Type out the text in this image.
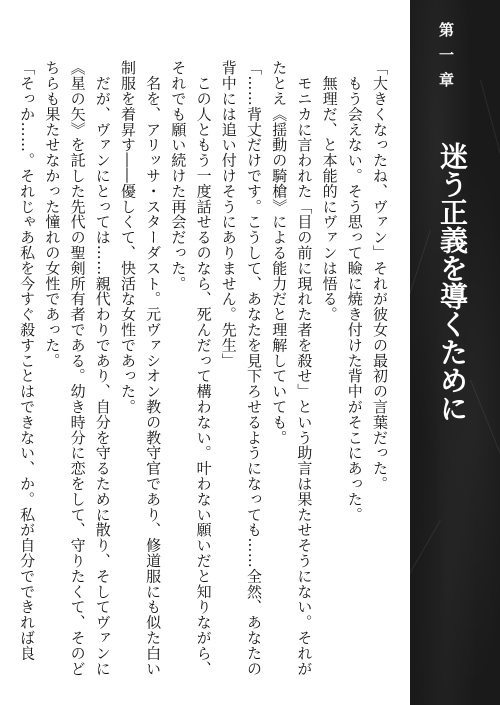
「大きくなったね、ヴァン」それが彼女の最初の言葉だった。

　もう会えない。そう思って瞼に焼き付けた背中がそこにあった。

　無理だ、と本能的にヴァンは悟る。

　モニカに言われた「目の前に現れた者を殺せ」という助言は果たせそうにない。それが

たとえ《揺動の騎槍》による能力だと理解していても。

「……背丈だけです。こうして、あなたを見下ろせるようになっても……全然、あなたの

背中には追い付けそうにありません。先生」

　この人ともう一度話せるのなら、死んだって構わない。叶わない願いだと知りながら、

それでも願い続けた再会だった。

　名を、アリッサ・スターダスト。元ヴァシオン教の教守官であり、修道服にも似た白い

制服を着昇す――優しくて、快活な女性であった。

　だが、ヴァンにとっては……親代わりであり、自分を守るために散り、そしてヴァンに

《星の矢》を託した先代の聖剣所有者である。幼き時分に恋をして、守りたくて、そのど

ちらも果たせなかった憧れの女性であった。

「そっか……。それじゃあ私を今すぐ殺すことはできない、か。私が自分でできれば良

第一章
迷う正義を導くために
